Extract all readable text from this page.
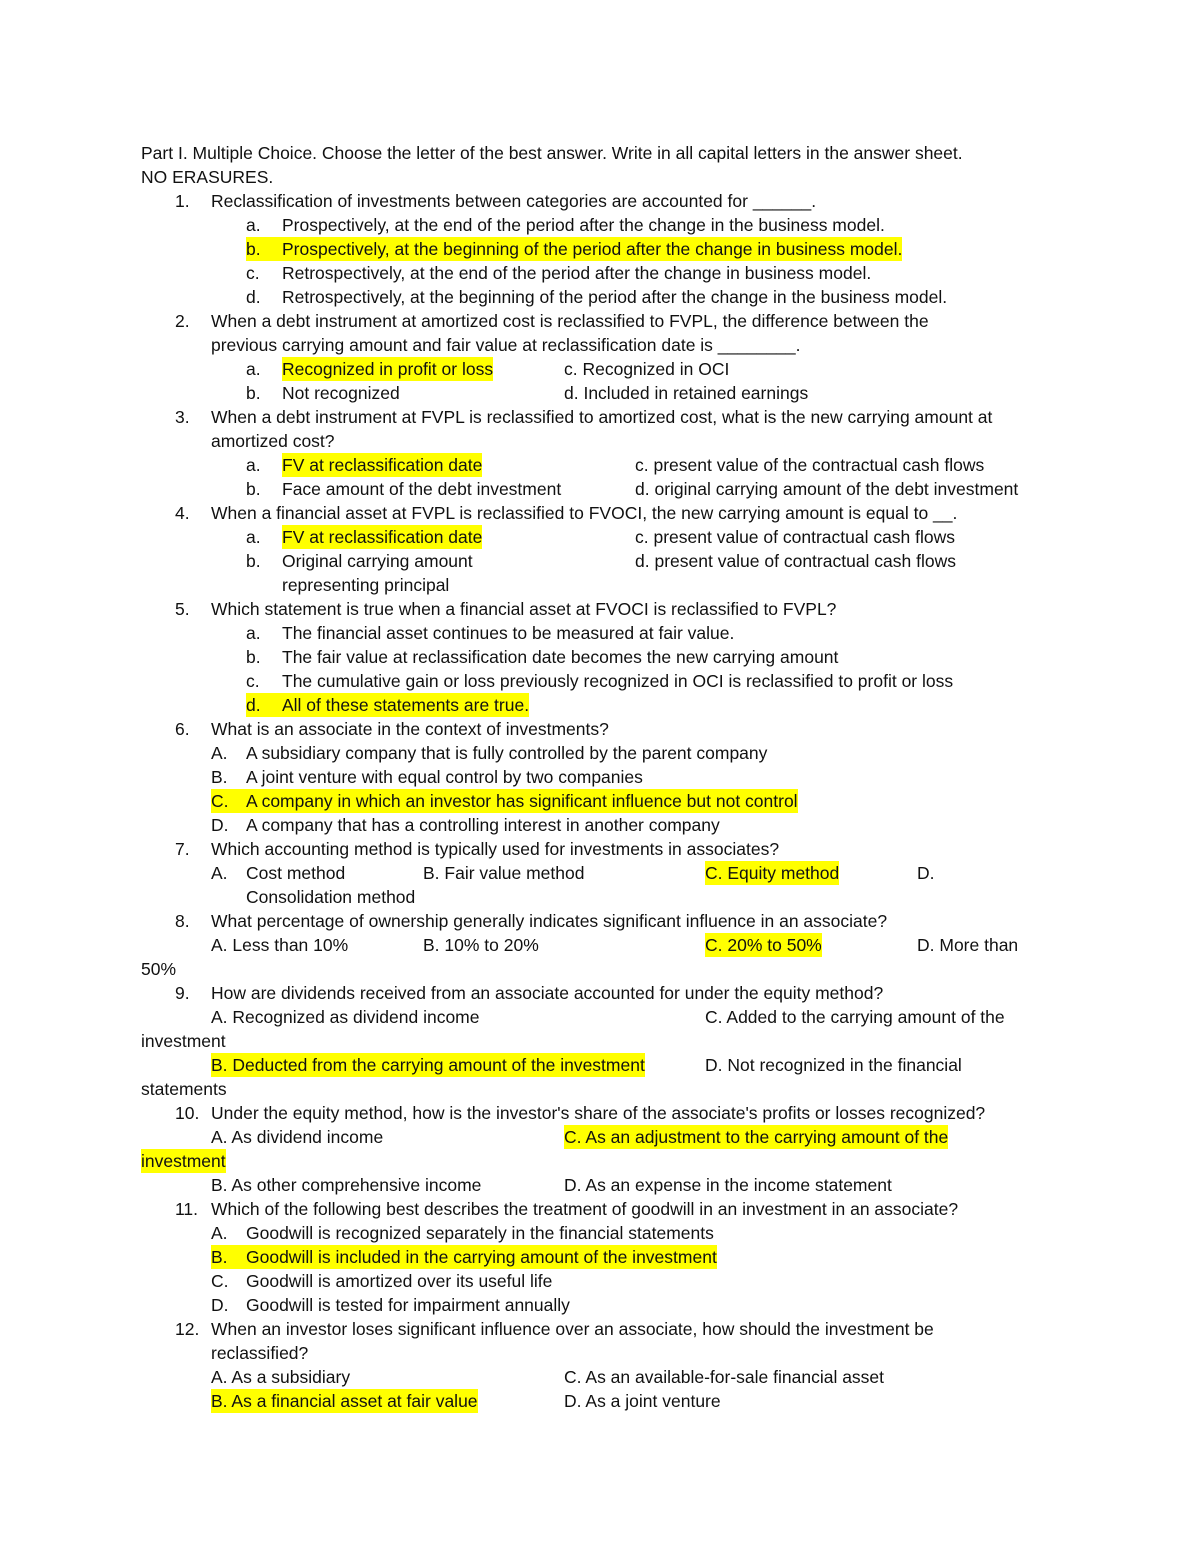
Part I. Multiple Choice. Choose the letter of the best answer. Write in all capital letters in the answer sheet.
NO ERASURES.
1. Reclassification of investments between categories are accounted for ______.
a. Prospectively, at the end of the period after the change in the business model.
b.	Prospectively, at the beginning of the period after the change in business model.
c. Retrospectively, at the end of the period after the change in business model.
d. Retrospectively, at the beginning of the period after the change in the business model.
2. When a debt instrument at amortized cost is reclassified to FVPL, the difference between the
previous carrying amount and fair value at reclassification date is ________.
a. Recognized in profit or loss	c. Recognized in OCI
b. Not recognized	d. Included in retained earnings
3. When a debt instrument at FVPL is reclassified to amortized cost, what is the new carrying amount at
amortized cost?
a. FV at reclassification date	c. present value of the contractual cash flows
b. Face amount of the debt investment	d. original carrying amount of the debt investment
4. When a financial asset at FVPL is reclassified to FVOCI, the new carrying amount is equal to __.
a. FV at reclassification date	c. present value of contractual cash flows
b. Original carrying amount	d. present value of contractual cash flows
representing principal
5. Which statement is true when a financial asset at FVOCI is reclassified to FVPL?
a. The financial asset continues to be measured at fair value.
b. The fair value at reclassification date becomes the new carrying amount
c. The cumulative gain or loss previously recognized in OCI is reclassified to profit or loss
d.	All of these statements are true.
6. What is an associate in the context of investments?
A. A subsidiary company that is fully controlled by the parent company
B. A joint venture with equal control by two companies
C.	A company in which an investor has significant influence but not control
D. A company that has a controlling interest in another company
7. Which accounting method is typically used for investments in associates?
A. Cost method	B. Fair value method	C. Equity method	D.
Consolidation method
8. What percentage of ownership generally indicates significant influence in an associate?
A. Less than 10%	B. 10% to 20%	C. 20% to 50%	D. More than
50%
9. How are dividends received from an associate accounted for under the equity method?
A. Recognized as dividend income	C. Added to the carrying amount of the
investment
B. Deducted from the carrying amount of the investment	D. Not recognized in the financial
statements
10. Under the equity method, how is the investor's share of the associate's profits or losses recognized?
A. As dividend income	C. As an adjustment to the carrying amount of the
investment
B. As other comprehensive income	D. As an expense in the income statement
11. Which of the following best describes the treatment of goodwill in an investment in an associate?
A. Goodwill is recognized separately in the financial statements
B.	Goodwill is included in the carrying amount of the investment
C. Goodwill is amortized over its useful life
D. Goodwill is tested for impairment annually
12. When an investor loses significant influence over an associate, how should the investment be
reclassified?
A. As a subsidiary	C. As an available-for-sale financial asset
B. As a financial asset at fair value	D. As a joint venture
